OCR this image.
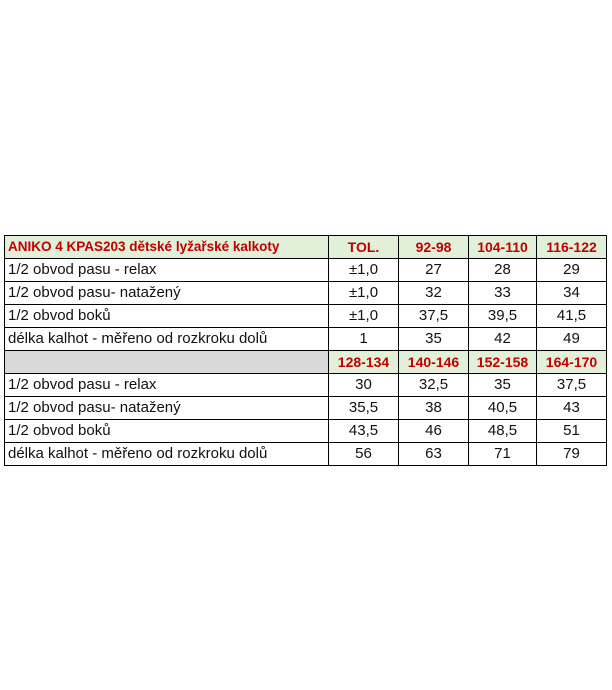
ANIKO 4 KPAS203 dětské lyžařské kalkoty	TOL.	92-98	104-110	116-122
1/2 obvod pasu - relax	±1,0	27	28	29
1/2 obvod pasu- natažený	±1,0	32	33	34
1/2 obvod boků	±1,0	37,5	39,5	41,5
délka kalhot - měřeno od rozkroku dolů	1	35	42	49
	128-134	140-146	152-158	164-170
1/2 obvod pasu - relax	30	32,5	35	37,5
1/2 obvod pasu- natažený	35,5	38	40,5	43
1/2 obvod boků	43,5	46	48,5	51
délka kalhot - měřeno od rozkroku dolů	56	63	71	79
